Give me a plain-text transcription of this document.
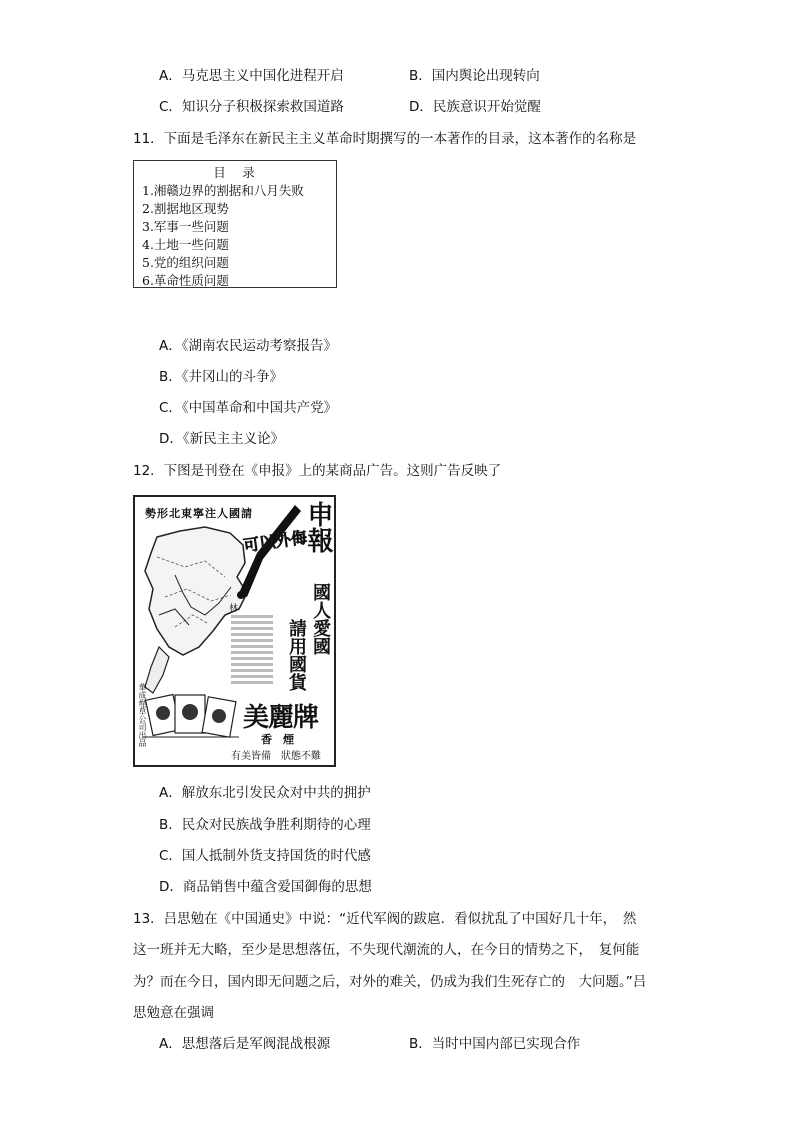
A．马克思主义中国化进程开启	B．国内舆论出现转向
C．知识分子积极探索救国道路	D．民族意识开始觉醒
11．下面是毛泽东在新民主主义革命时期撰写的一本著作的目录，这本著作的名称是
目　录
1.湘赣边界的割据和八月失败
2.割据地区现势
3.军事一些问题
4.土地一些问题
5.党的组织问题
6.革命性质问题
A．《湖南农民运动考察报告》
B．《井冈山的斗争》
C．《中国革命和中国共产党》
D．《新民主主义论》
12．下图是刊登在《申报》上的某商品广告。这则广告反映了
勢形北東寧注人國請 申報
可以外侮
國人愛國
請用國貨
美麗牌
香　煙
有美皆備　狀態不難
華成煙草公司出品
林
A．解放东北引发民众对中共的拥护
B．民众对民族战争胜利期待的心理
C．国人抵制外货支持国货的时代感
D．商品销售中蕴含爱国御侮的思想
13．吕思勉在《中国通史》中说：“近代军阀的跋扈．看似扰乱了中国好几十年，　然
这一班并无大略，至少是思想落伍，不失现代潮流的人，在今日的情势之下，　复何能
为？而在今日，国内即无问题之后，对外的难关，仍成为我们生死存亡的　大问题。”吕
思勉意在强调
A．思想落后是军阀混战根源	B．当时中国内部已实现合作
